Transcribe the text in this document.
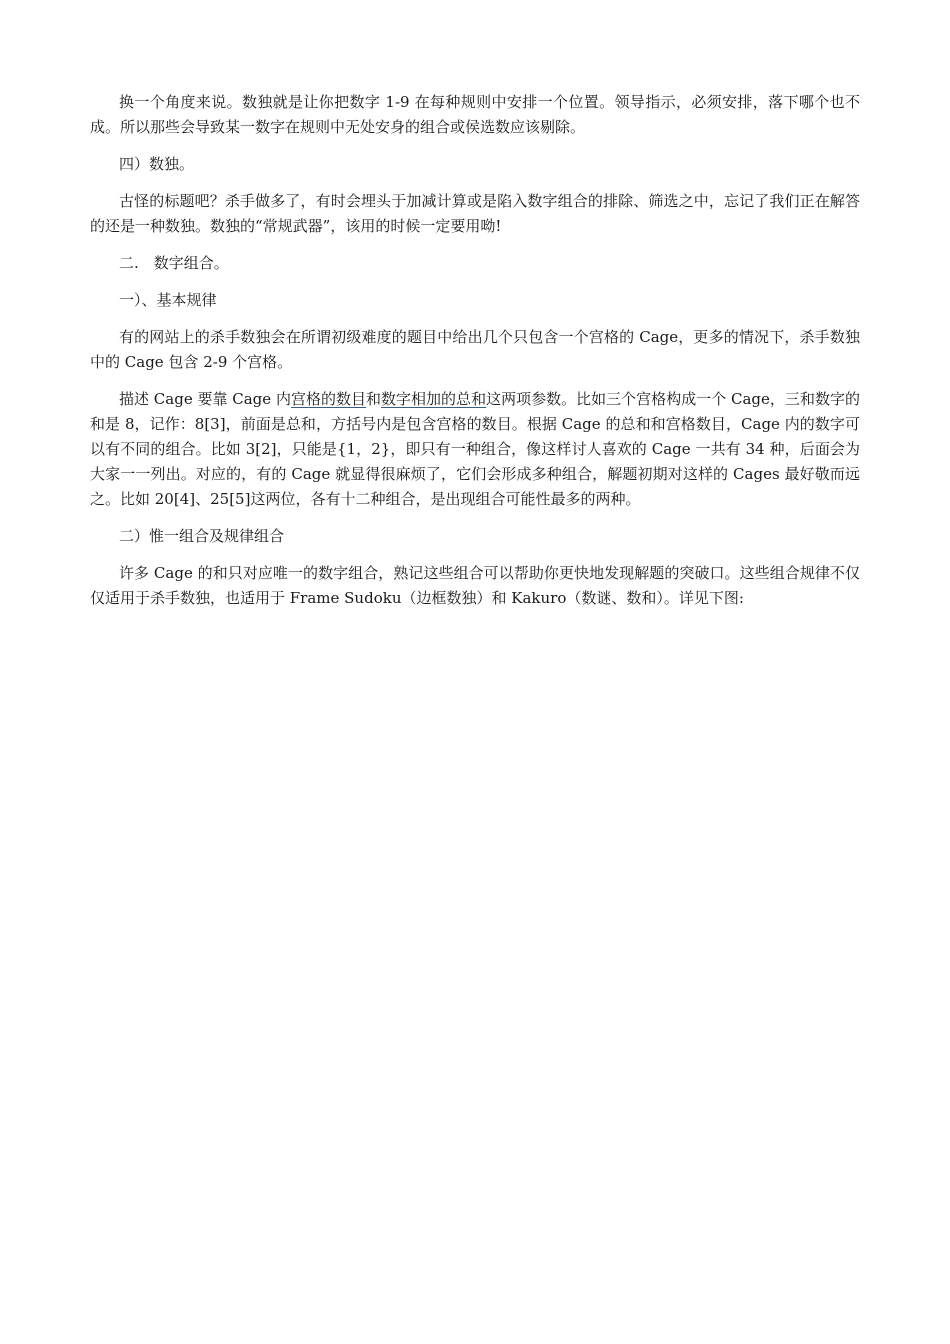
换一个角度来说。数独就是让你把数字 1-9 在每种规则中安排一个位置。领导指示，必须安排，落下哪个也不成。所以那些会导致某一数字在规则中无处安身的组合或侯选数应该剔除。

四）数独。

古怪的标题吧？杀手做多了，有时会埋头于加减计算或是陷入数字组合的排除、筛选之中，忘记了我们正在解答的还是一种数独。数独的“常规武器”，该用的时候一定要用呦!

二.　数字组合。

一）、基本规律

有的网站上的杀手数独会在所谓初级难度的题目中给出几个只包含一个宫格的 Cage，更多的情况下，杀手数独中的 Cage 包含 2-9 个宫格。

描述 Cage 要靠 Cage 内宫格的数目和数字相加的总和这两项参数。比如三个宫格构成一个 Cage，三和数字的和是 8，记作：8[3]，前面是总和，方括号内是包含宫格的数目。根据 Cage 的总和和宫格数目，Cage 内的数字可以有不同的组合。比如 3[2]，只能是{1，2}，即只有一种组合，像这样讨人喜欢的 Cage 一共有 34 种，后面会为大家一一列出。对应的，有的 Cage 就显得很麻烦了，它们会形成多种组合，解题初期对这样的 Cages 最好敬而远之。比如 20[4]、25[5]这两位，各有十二种组合，是出现组合可能性最多的两种。

二）惟一组合及规律组合

许多 Cage 的和只对应唯一的数字组合，熟记这些组合可以帮助你更快地发现解题的突破口。这些组合规律不仅仅适用于杀手数独，也适用于 Frame Sudoku（边框数独）和 Kakuro（数谜、数和）。详见下图:
